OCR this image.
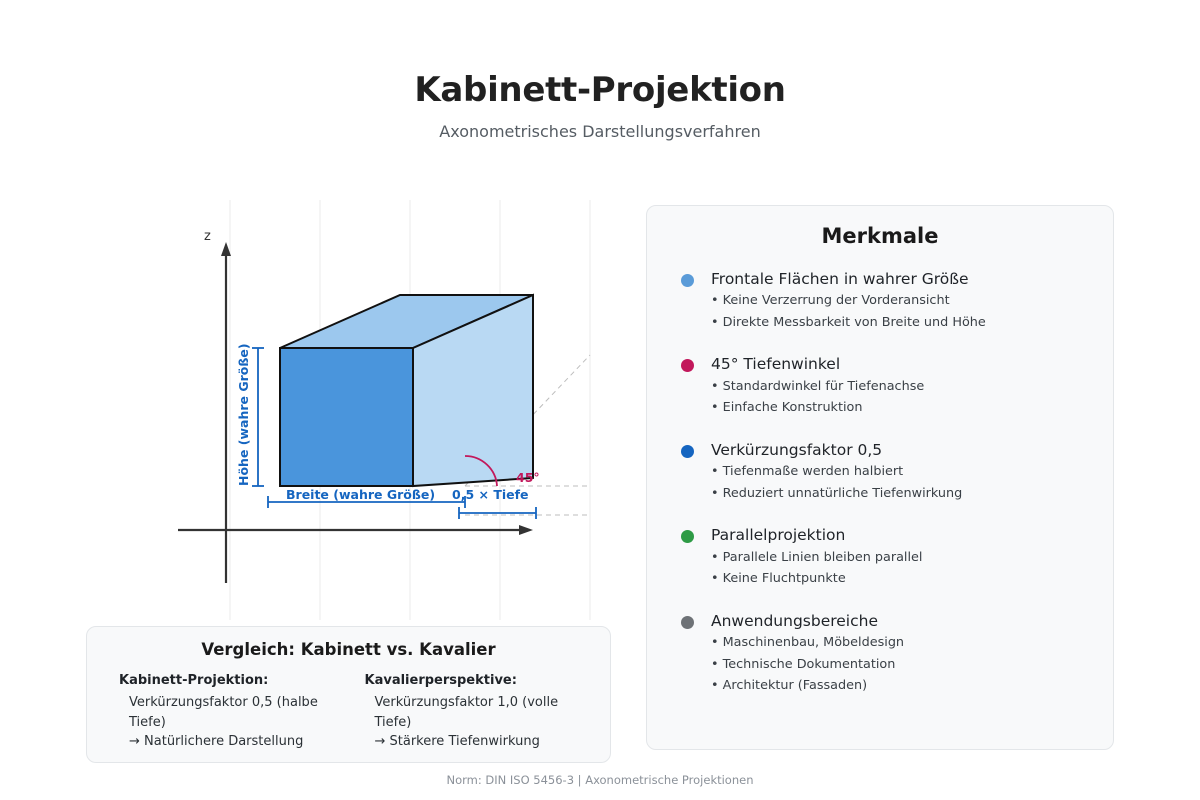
Kabinett-Projektion
Axonometrisches Darstellungsverfahren
z
Höhe (wahre Größe)
Breite (wahre Größe) 0,5 × Tiefe
45°
Merkmale
Frontale Flächen in wahrer Größe
• Keine Verzerrung der Vorderansicht
• Direkte Messbarkeit von Breite und Höhe
45° Tiefenwinkel
• Standardwinkel für Tiefenachse
• Einfache Konstruktion
Verkürzungsfaktor 0,5
• Tiefenmaße werden halbiert
• Reduziert unnatürliche Tiefenwirkung
Parallelprojektion
• Parallele Linien bleiben parallel
• Keine Fluchtpunkte
Anwendungsbereiche
• Maschinenbau, Möbeldesign
• Technische Dokumentation
• Architektur (Fassaden)
Vergleich: Kabinett vs. Kavalier
Kabinett-Projektion:
Verkürzungsfaktor 0,5 (halbe Tiefe)
→ Natürlichere Darstellung
Kavalierperspektive:
Verkürzungsfaktor 1,0 (volle Tiefe)
→ Stärkere Tiefenwirkung
Norm: DIN ISO 5456-3 | Axonometrische Projektionen
